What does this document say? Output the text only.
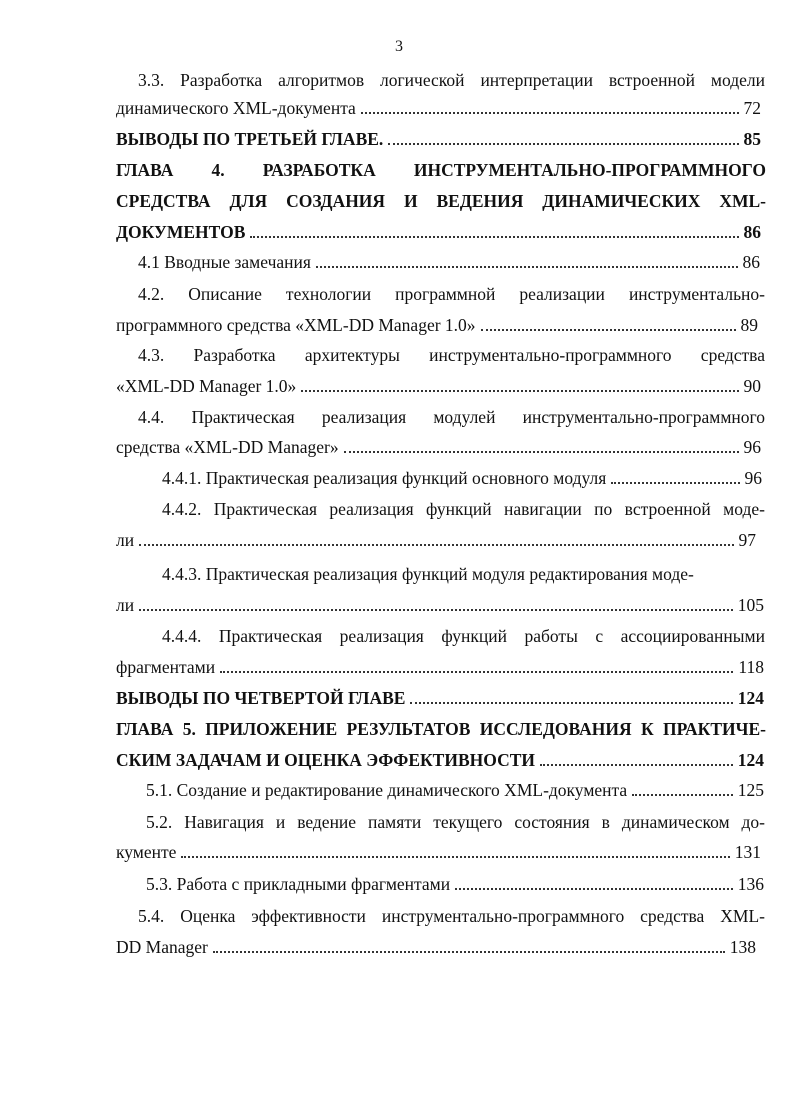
3
3.3. Разработка алгоритмов логической интерпретации встроенной модели
динамического XML-документа	72
ВЫВОДЫ ПО ТРЕТЬЕЙ ГЛАВЕ.	85
ГЛАВА 4. РАЗРАБОТКА ИНСТРУМЕНТАЛЬНО-ПРОГРАММНОГО
СРЕДСТВА ДЛЯ СОЗДАНИЯ И ВЕДЕНИЯ ДИНАМИЧЕСКИХ XML-
ДОКУМЕНТОВ	86
4.1 Вводные замечания	86
4.2. Описание технологии программной реализации инструментально-
программного средства «XML-DD Manager 1.0»	89
4.3. Разработка архитектуры инструментально-программного средства
«XML-DD Manager 1.0»	90
4.4. Практическая реализация модулей инструментально-программного
средства «XML-DD Manager»	96
4.4.1. Практическая реализация функций основного модуля	96
4.4.2. Практическая реализация функций навигации по встроенной моде-
ли	97
4.4.3. Практическая реализация функций модуля редактирования моде-
ли	105
4.4.4. Практическая реализация функций работы с ассоциированными
фрагментами	118
ВЫВОДЫ ПО ЧЕТВЕРТОЙ ГЛАВЕ	124
ГЛАВА 5. ПРИЛОЖЕНИЕ РЕЗУЛЬТАТОВ ИССЛЕДОВАНИЯ К ПРАКТИЧЕ-
СКИМ ЗАДАЧАМ И ОЦЕНКА ЭФФЕКТИВНОСТИ	124
5.1. Создание и редактирование динамического XML-документа	125
5.2. Навигация и ведение памяти текущего состояния в динамическом до-
кументе	131
5.3. Работа с прикладными фрагментами	136
5.4. Оценка эффективности инструментально-программного средства XML-
DD Manager	138
